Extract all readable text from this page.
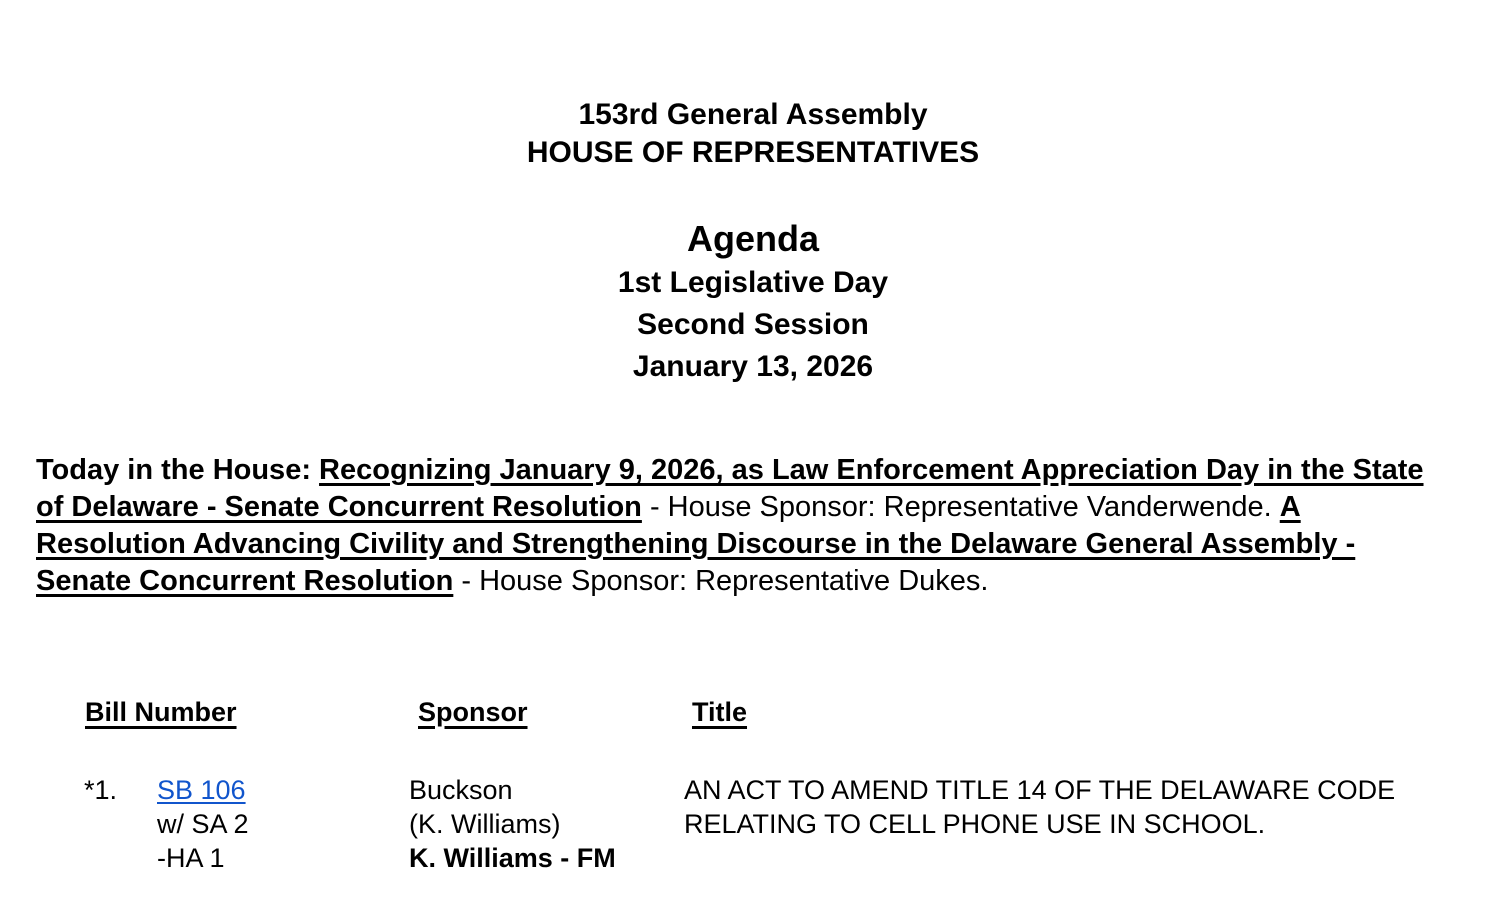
153rd General Assembly
HOUSE OF REPRESENTATIVES
Agenda
1st Legislative Day
Second Session
January 13, 2026
Today in the House: Recognizing January 9, 2026, as Law Enforcement Appreciation Day in the State of Delaware - Senate Concurrent Resolution - House Sponsor: Representative Vanderwende. A Resolution Advancing Civility and Strengthening Discourse in the Delaware General Assembly - Senate Concurrent Resolution - House Sponsor: Representative Dukes.
Bill Number	Sponsor	Title
*1. SB 106
w/ SA 2
-HA 1
Buckson
(K. Williams)
K. Williams - FM
AN ACT TO AMEND TITLE 14 OF THE DELAWARE CODE RELATING TO CELL PHONE USE IN SCHOOL.
